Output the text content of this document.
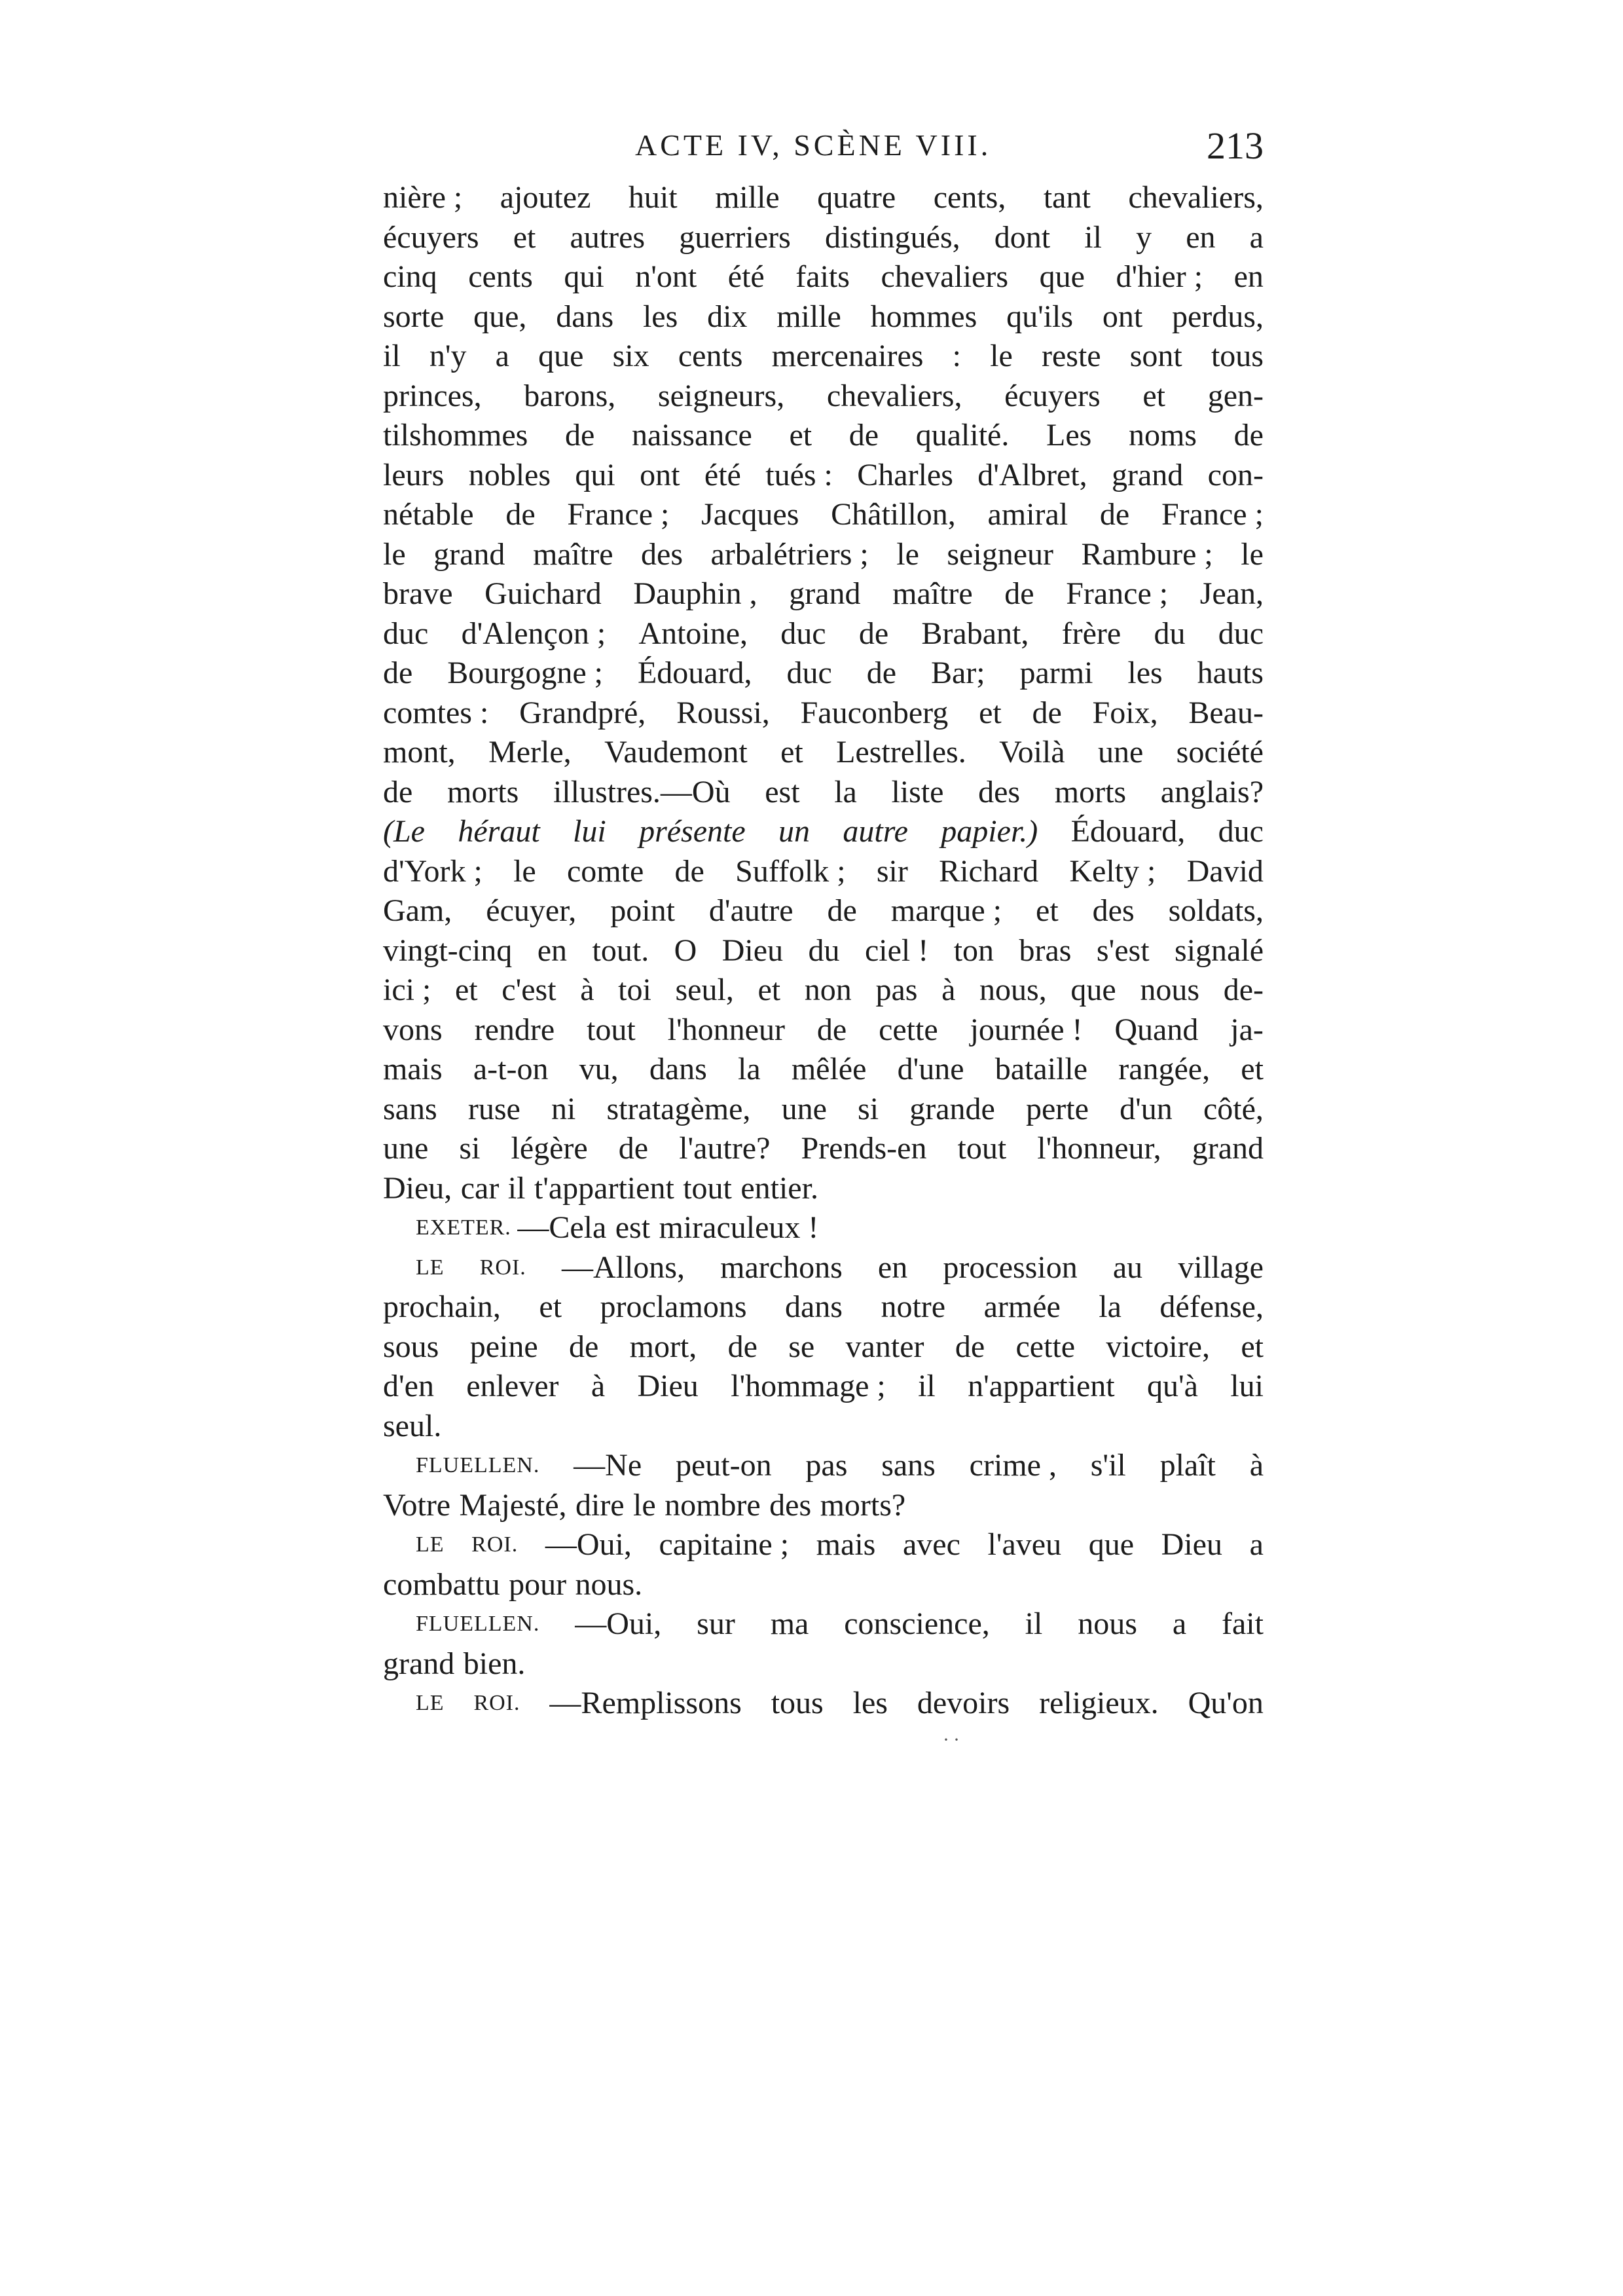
ACTE IV, SCÈNE VIII.	213
nière ; ajoutez huit mille quatre cents, tant chevaliers,
écuyers et autres guerriers distingués, dont il y en a
cinq cents qui n'ont été faits chevaliers que d'hier ; en
sorte que, dans les dix mille hommes qu'ils ont perdus,
il n'y a que six cents mercenaires : le reste sont tous
princes, barons, seigneurs, chevaliers, écuyers et gen-
tilshommes de naissance et de qualité. Les noms de
leurs nobles qui ont été tués : Charles d'Albret, grand con-
nétable de France ; Jacques Châtillon, amiral de France ;
le grand maître des arbalétriers ; le seigneur Rambure ; le
brave Guichard Dauphin , grand maître de France ; Jean,
duc d'Alençon ; Antoine, duc de Brabant, frère du duc
de Bourgogne ; Édouard, duc de Bar; parmi les hauts
comtes : Grandpré, Roussi, Fauconberg et de Foix, Beau-
mont, Merle, Vaudemont et Lestrelles. Voilà une société
de morts illustres.—Où est la liste des morts anglais?
(Le héraut lui présente un autre papier.) Édouard, duc
d'York ; le comte de Suffolk ; sir Richard Kelty ; David
Gam, écuyer, point d'autre de marque ; et des soldats,
vingt-cinq en tout. O Dieu du ciel ! ton bras s'est signalé
ici ; et c'est à toi seul, et non pas à nous, que nous de-
vons rendre tout l'honneur de cette journée ! Quand ja-
mais a-t-on vu, dans la mêlée d'une bataille rangée, et
sans ruse ni stratagème, une si grande perte d'un côté,
une si légère de l'autre? Prends-en tout l'honneur, grand
Dieu, car il t'appartient tout entier.
EXETER. —Cela est miraculeux !
LE ROI. —Allons, marchons en procession au village
prochain, et proclamons dans notre armée la défense,
sous peine de mort, de se vanter de cette victoire, et
d'en enlever à Dieu l'hommage ; il n'appartient qu'à lui
seul.
FLUELLEN. —Ne peut-on pas sans crime , s'il plaît à
Votre Majesté, dire le nombre des morts?
LE ROI. —Oui, capitaine ; mais avec l'aveu que Dieu a
combattu pour nous.
FLUELLEN. —Oui, sur ma conscience, il nous a fait
grand bien.
LE ROI. —Remplissons tous les devoirs religieux. Qu'on
··
